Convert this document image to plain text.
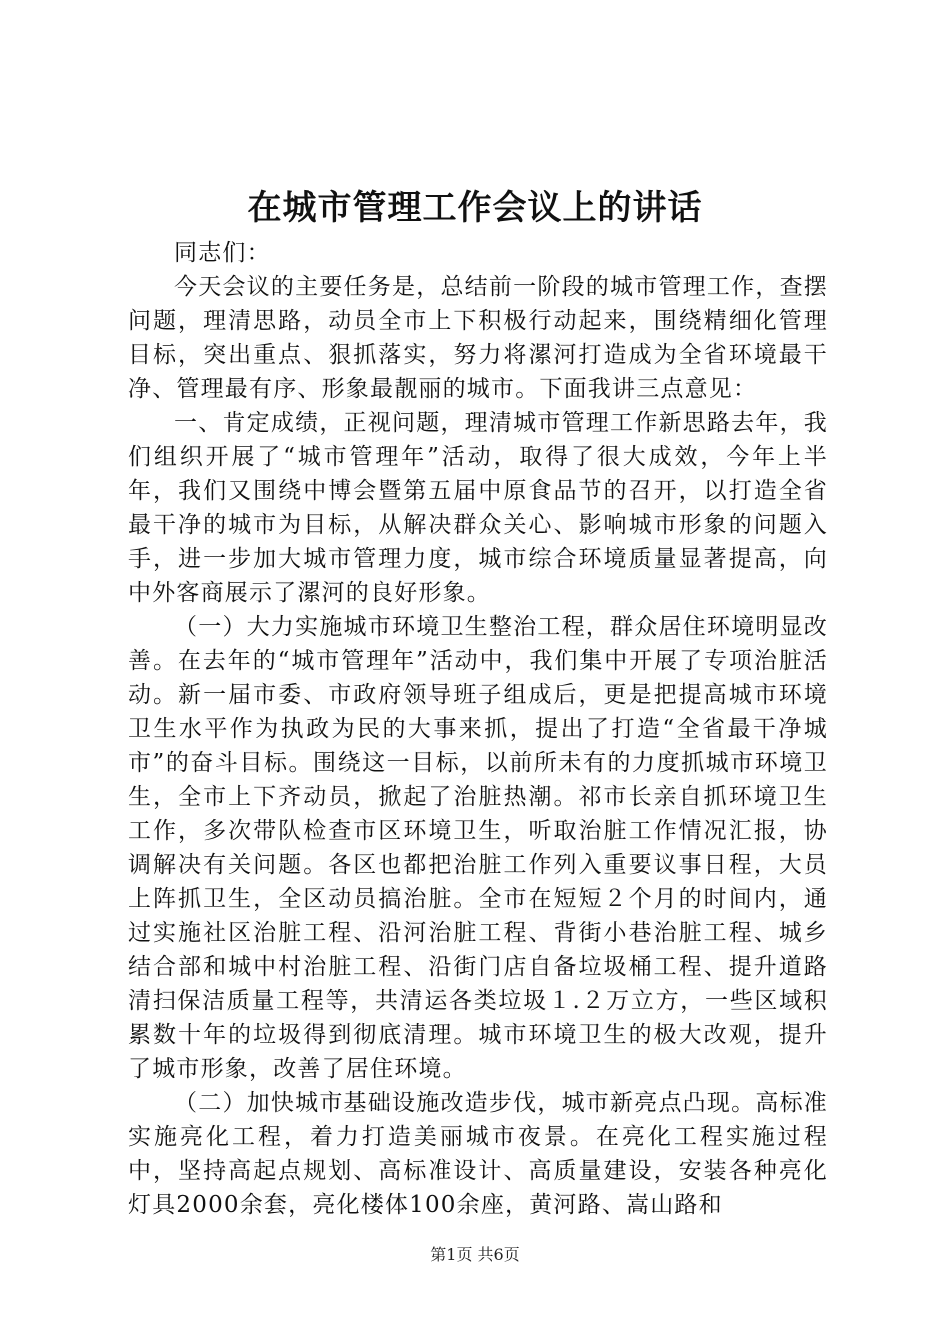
在城市管理工作会议上的讲话

同志们：

今天会议的主要任务是，总结前一阶段的城市管理工作，查摆问题，理清思路，动员全市上下积极行动起来，围绕精细化管理目标，突出重点、狠抓落实，努力将漯河打造成为全省环境最干净、管理最有序、形象最靓丽的城市。下面我讲三点意见：

一、肯定成绩，正视问题，理清城市管理工作新思路去年，我们组织开展了“城市管理年”活动，取得了很大成效，今年上半年，我们又围绕中博会暨第五届中原食品节的召开，以打造全省最干净的城市为目标，从解决群众关心、影响城市形象的问题入手，进一步加大城市管理力度，城市综合环境质量显著提高，向中外客商展示了漯河的良好形象。

（一）大力实施城市环境卫生整治工程，群众居住环境明显改善。在去年的“城市管理年”活动中，我们集中开展了专项治脏活动。新一届市委、市政府领导班子组成后，更是把提高城市环境卫生水平作为执政为民的大事来抓，提出了打造“全省最干净城市”的奋斗目标。围绕这一目标，以前所未有的力度抓城市环境卫生，全市上下齐动员，掀起了治脏热潮。祁市长亲自抓环境卫生工作，多次带队检查市区环境卫生，听取治脏工作情况汇报，协调解决有关问题。各区也都把治脏工作列入重要议事日程，大员上阵抓卫生，全区动员搞治脏。全市在短短２个月的时间内，通过实施社区治脏工程、沿河治脏工程、背街小巷治脏工程、城乡结合部和城中村治脏工程、沿街门店自备垃圾桶工程、提升道路清扫保洁质量工程等，共清运各类垃圾１.２万立方，一些区域积累数十年的垃圾得到彻底清理。城市环境卫生的极大改观，提升了城市形象，改善了居住环境。

（二）加快城市基础设施改造步伐，城市新亮点凸现。高标准实施亮化工程，着力打造美丽城市夜景。在亮化工程实施过程中，坚持高起点规划、高标准设计、高质量建设，安装各种亮化灯具2000余套，亮化楼体100余座，黄河路、嵩山路和

第1页 共6页
